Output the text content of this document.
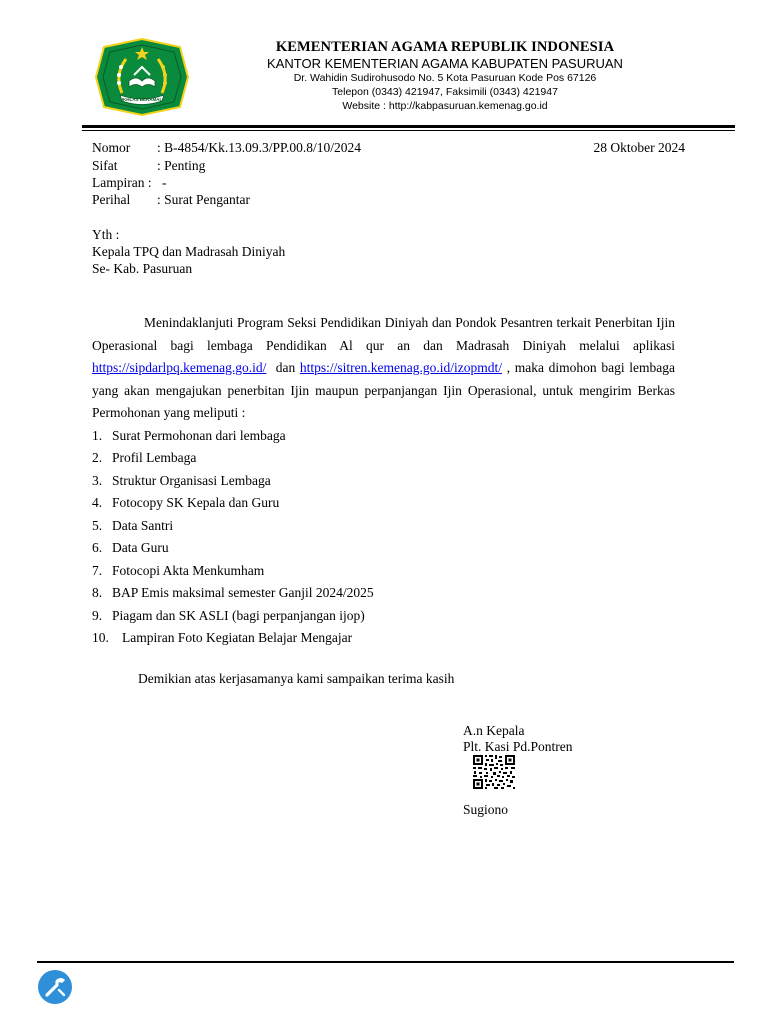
IKHLAS BERAMAL
KEMENTERIAN AGAMA REPUBLIK INDONESIA
KANTOR KEMENTERIAN AGAMA KABUPATEN PASURUAN
Dr. Wahidin Sudirohusodo No. 5 Kota Pasuruan Kode Pos 67126
Telepon (0343) 421947, Faksimili (0343) 421947
Website : http://kabpasuruan.kemenag.go.id
Nomor : B-4854/Kk.13.09.3/PP.00.8/10/2024	28 Oktober 2024
Sifat	: Penting
Lampiran : -
Perihal : Surat Pengantar
Yth :
Kepala TPQ dan Madrasah Diniyah
Se- Kab. Pasuruan
Menindaklanjuti Program Seksi Pendidikan Diniyah dan Pondok Pesantren terkait Penerbitan Ijin Operasional bagi lembaga Pendidikan Al qur an dan Madrasah Diniyah melalui aplikasi https://sipdarlpq.kemenag.go.id/ dan https://sitren.kemenag.go.id/izopmdt/ , maka dimohon bagi lembaga yang akan mengajukan penerbitan Ijin maupun perpanjangan Ijin Operasional, untuk mengirim Berkas Permohonan yang meliputi :
1. Surat Permohonan dari lembaga
2. Profil Lembaga
3. Struktur Organisasi Lembaga
4. Fotocopy SK Kepala dan Guru
5. Data Santri
6. Data Guru
7. Fotocopi Akta Menkumham
8. BAP Emis maksimal semester Ganjil 2024/2025
9. Piagam dan SK ASLI (bagi perpanjangan ijop)
10. Lampiran Foto Kegiatan Belajar Mengajar
Demikian atas kerjasamanya kami sampaikan terima kasih
A.n Kepala
Plt. Kasi Pd.Pontren
Sugiono
